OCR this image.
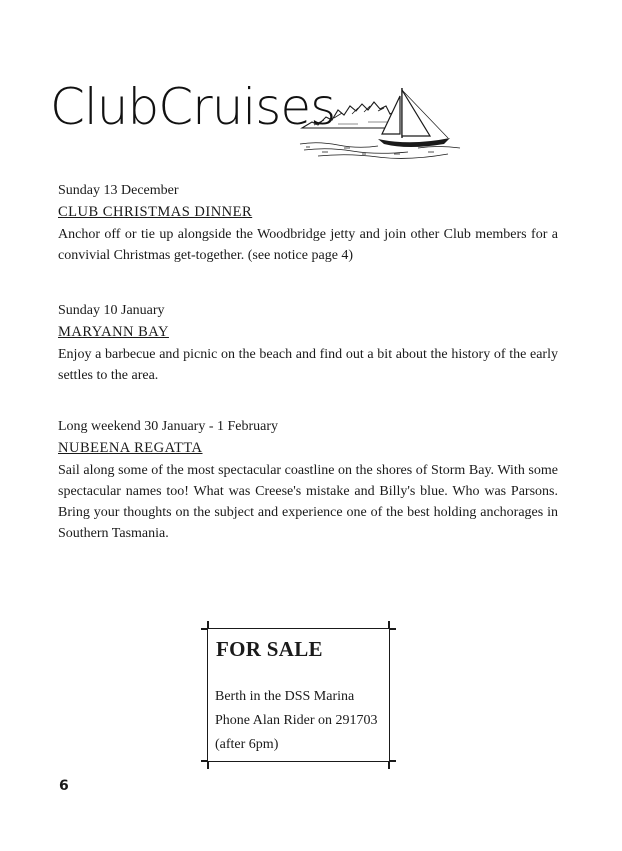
ClubCruises

Sunday 13 December

CLUB CHRISTMAS DINNER

Anchor off or tie up alongside the Woodbridge jetty and join other Club members for a convivial Christmas get-together. (see notice page 4)

Sunday 10 January

MARYANN BAY

Enjoy a barbecue and picnic on the beach and find out a bit about the history of the early settles to the area.

Long weekend 30 January - 1 February

NUBEENA REGATTA

Sail along some of the most spectacular coastline on the shores of Storm Bay. With some spectacular names too! What was Creese's mistake and Billy's blue. Who was Parsons. Bring your thoughts on the subject and experience one of the best holding anchorages in Southern Tasmania.

FOR SALE

Berth in the DSS Marina

Phone Alan Rider on 291703

(after 6pm)

6
